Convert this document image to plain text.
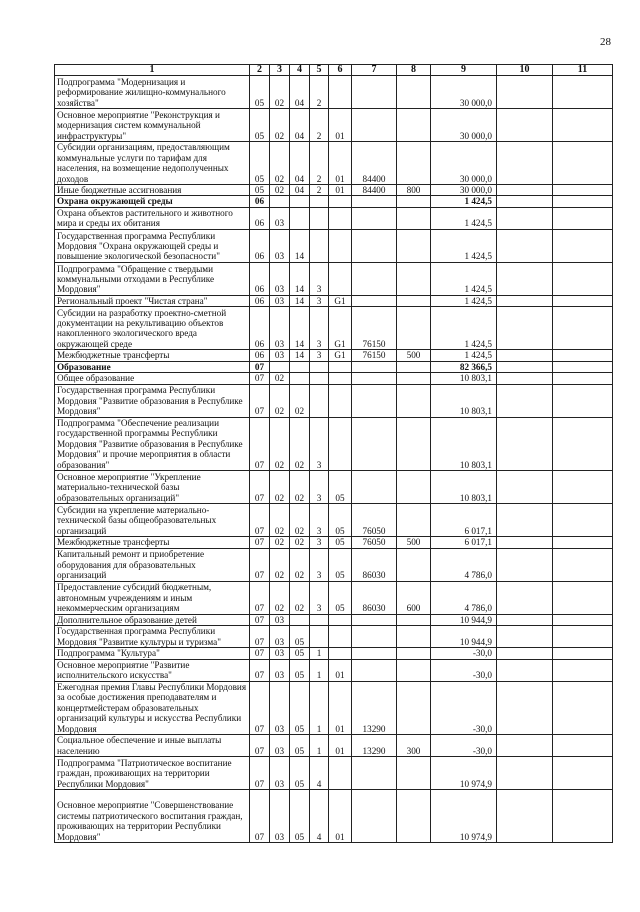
28
1	2	3	4	5	6	7	8	9	10	11
Подпрограмма "Модернизация и реформирование жилищно-коммунального хозяйства"	05	02	04	2				30 000,0		
Основное мероприятие "Реконструкция и модернизация систем коммунальной инфраструктуры"	05	02	04	2	01			30 000,0		
Субсидии организациям, предоставляющим коммунальные услуги по тарифам для населения, на возмещение недополученных доходов	05	02	04	2	01	84400		30 000,0		
Иные бюджетные ассигнования	05	02	04	2	01	84400	800	30 000,0		
Охрана окружающей среды	06							1 424,5		
Охрана объектов растительного и животного мира и среды их обитания	06	03						1 424,5		
Государственная программа Республики Мордовия "Охрана окружающей среды и повышение экологической безопасности"	06	03	14					1 424,5		
Подпрограмма "Обращение с твердыми коммунальными отходами в Республике Мордовия"	06	03	14	3				1 424,5		
Региональный проект "Чистая страна"	06	03	14	3	G1			1 424,5		
Субсидии на разработку проектно-сметной документации на рекультивацию объектов накопленного экологического вреда окружающей среде	06	03	14	3	G1	76150		1 424,5		
Межбюджетные трансферты	06	03	14	3	G1	76150	500	1 424,5		
Образование	07							82 366,5		
Общее образование	07	02						10 803,1		
Государственная программа Республики Мордовия "Развитие образования в Республике Мордовия"	07	02	02					10 803,1		
Подпрограмма "Обеспечение реализации государственной программы Республики Мордовия "Развитие образования в Республике Мордовия" и прочие мероприятия в области образования"	07	02	02	3				10 803,1		
Основное мероприятие "Укрепление материально-технической базы образовательных организаций"	07	02	02	3	05			10 803,1		
Субсидии на укрепление материально-технической базы общеобразовательных организаций	07	02	02	3	05	76050		6 017,1		
Межбюджетные трансферты	07	02	02	3	05	76050	500	6 017,1		
Капитальный ремонт и приобретение оборудования для образовательных организаций	07	02	02	3	05	86030		4 786,0		
Предоставление субсидий бюджетным, автономным учреждениям и иным некоммерческим организациям	07	02	02	3	05	86030	600	4 786,0		
Дополнительное образование детей	07	03						10 944,9		
Государственная программа Республики Мордовия "Развитие культуры и туризма"	07	03	05					10 944,9		
Подпрограмма "Культура"	07	03	05	1				-30,0		
Основное мероприятие "Развитие исполнительского искусства"	07	03	05	1	01			-30,0		
Ежегодная премия Главы Республики Мордовия за особые достижения преподавателям и концертмейстерам образовательных организаций культуры и искусства Республики Мордовия	07	03	05	1	01	13290		-30,0		
Социальное обеспечение и иные выплаты населению	07	03	05	1	01	13290	300	-30,0		
Подпрограмма "Патриотическое воспитание граждан, проживающих на территории Республики Мордовия"	07	03	05	4				10 974,9		
Основное мероприятие "Совершенствование системы патриотического воспитания граждан, проживающих на территории Республики Мордовия"	07	03	05	4	01			10 974,9		
